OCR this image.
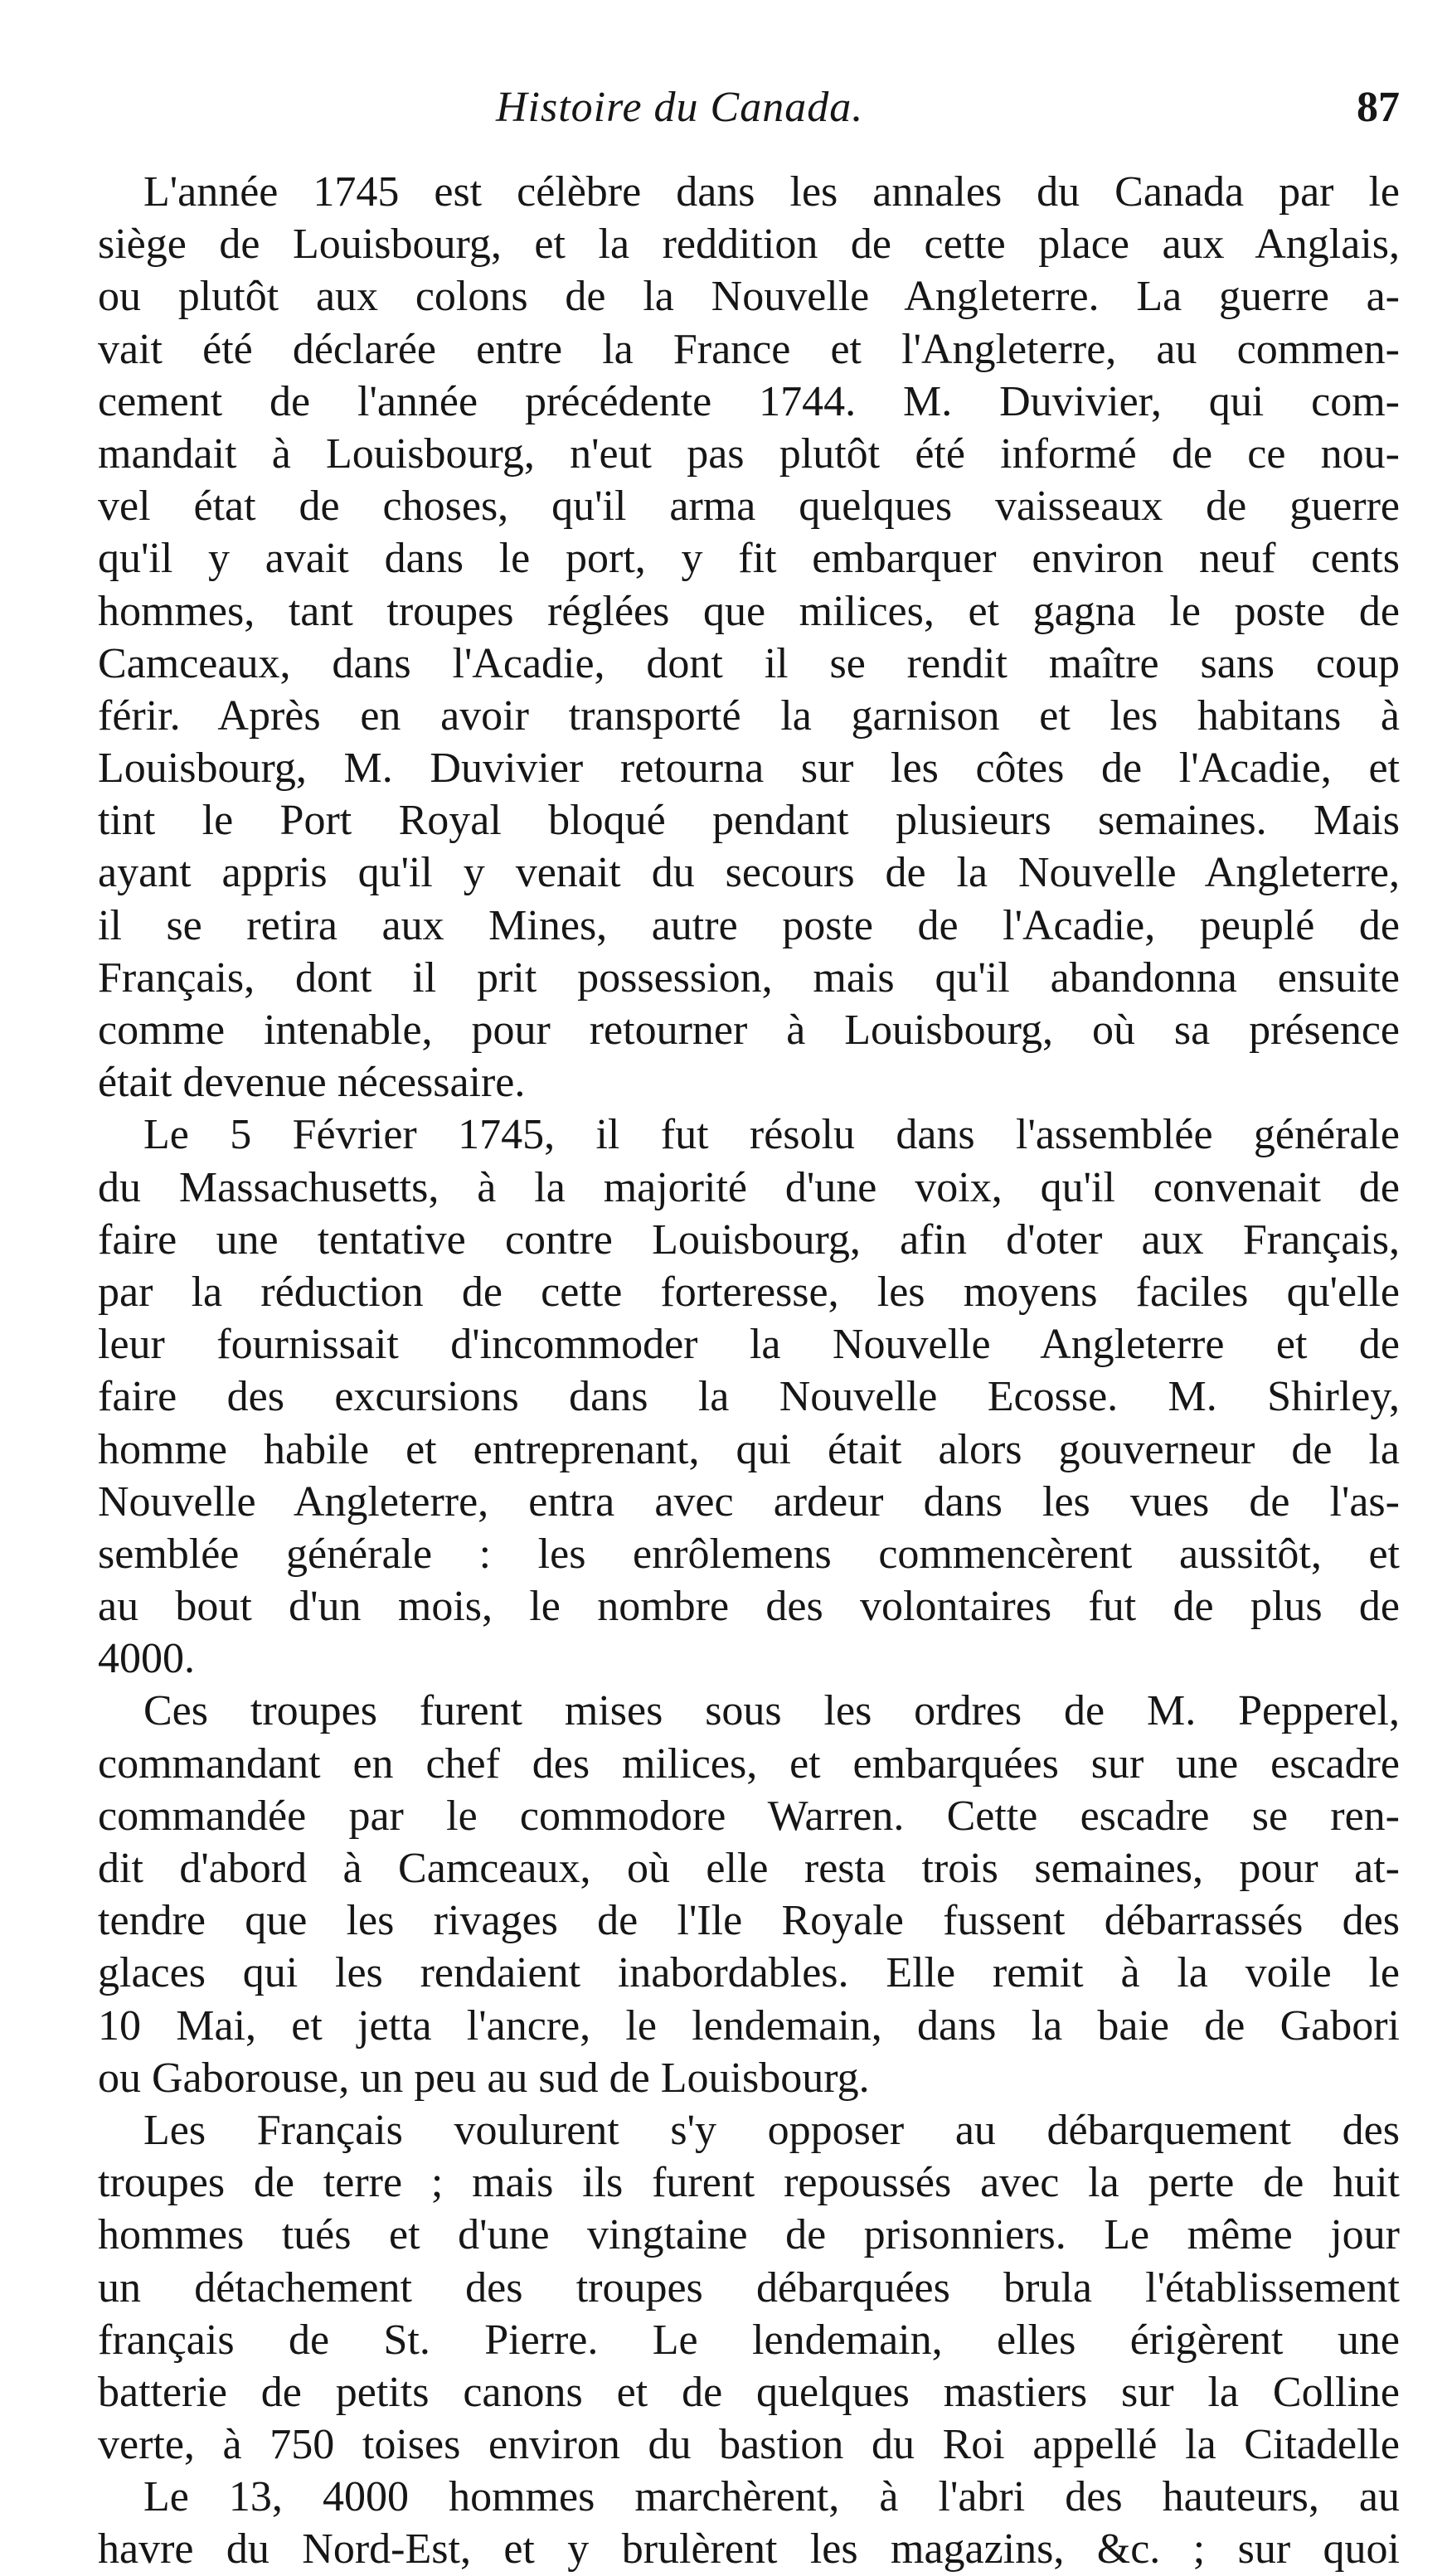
Histoire du Canada.	87
L'année 1745 est célèbre dans les annales du Canada par le
siège de Louisbourg, et la reddition de cette place aux Anglais,
ou plutôt aux colons de la Nouvelle Angleterre. La guerre a-
vait été déclarée entre la France et l'Angleterre, au commen-
cement de l'année précédente 1744. M. Duvivier, qui com-
mandait à Louisbourg, n'eut pas plutôt été informé de ce nou-
vel état de choses, qu'il arma quelques vaisseaux de guerre
qu'il y avait dans le port, y fit embarquer environ neuf cents
hommes, tant troupes réglées que milices, et gagna le poste de
Camceaux, dans l'Acadie, dont il se rendit maître sans coup
férir. Après en avoir transporté la garnison et les habitans à
Louisbourg, M. Duvivier retourna sur les côtes de l'Acadie, et
tint le Port Royal bloqué pendant plusieurs semaines. Mais
ayant appris qu'il y venait du secours de la Nouvelle Angleterre,
il se retira aux Mines, autre poste de l'Acadie, peuplé de
Français, dont il prit possession, mais qu'il abandonna ensuite
comme intenable, pour retourner à Louisbourg, où sa présence
était devenue nécessaire.
Le 5 Février 1745, il fut résolu dans l'assemblée générale
du Massachusetts, à la majorité d'une voix, qu'il convenait de
faire une tentative contre Louisbourg, afin d'oter aux Français,
par la réduction de cette forteresse, les moyens faciles qu'elle
leur fournissait d'incommoder la Nouvelle Angleterre et de
faire des excursions dans la Nouvelle Ecosse. M. Shirley,
homme habile et entreprenant, qui était alors gouverneur de la
Nouvelle Angleterre, entra avec ardeur dans les vues de l'as-
semblée générale : les enrôlemens commencèrent aussitôt, et
au bout d'un mois, le nombre des volontaires fut de plus de
4000.
Ces troupes furent mises sous les ordres de M. Pepperel,
commandant en chef des milices, et embarquées sur une escadre
commandée par le commodore Warren. Cette escadre se ren-
dit d'abord à Camceaux, où elle resta trois semaines, pour at-
tendre que les rivages de l'Ile Royale fussent débarrassés des
glaces qui les rendaient inabordables. Elle remit à la voile le
10 Mai, et jetta l'ancre, le lendemain, dans la baie de Gabori
ou Gaborouse, un peu au sud de Louisbourg.
Les Français voulurent s'y opposer au débarquement des
troupes de terre ; mais ils furent repoussés avec la perte de huit
hommes tués et d'une vingtaine de prisonniers. Le même jour
un détachement des troupes débarquées brula l'établissement
français de St. Pierre. Le lendemain, elles érigèrent une
batterie de petits canons et de quelques mastiers sur la Colline
verte, à 750 toises environ du bastion du Roi appellé la Citadelle
Le 13, 4000 hommes marchèrent, à l'abri des hauteurs, au
havre du Nord-Est, et y brulèrent les magazins, &c. ; sur quoi
